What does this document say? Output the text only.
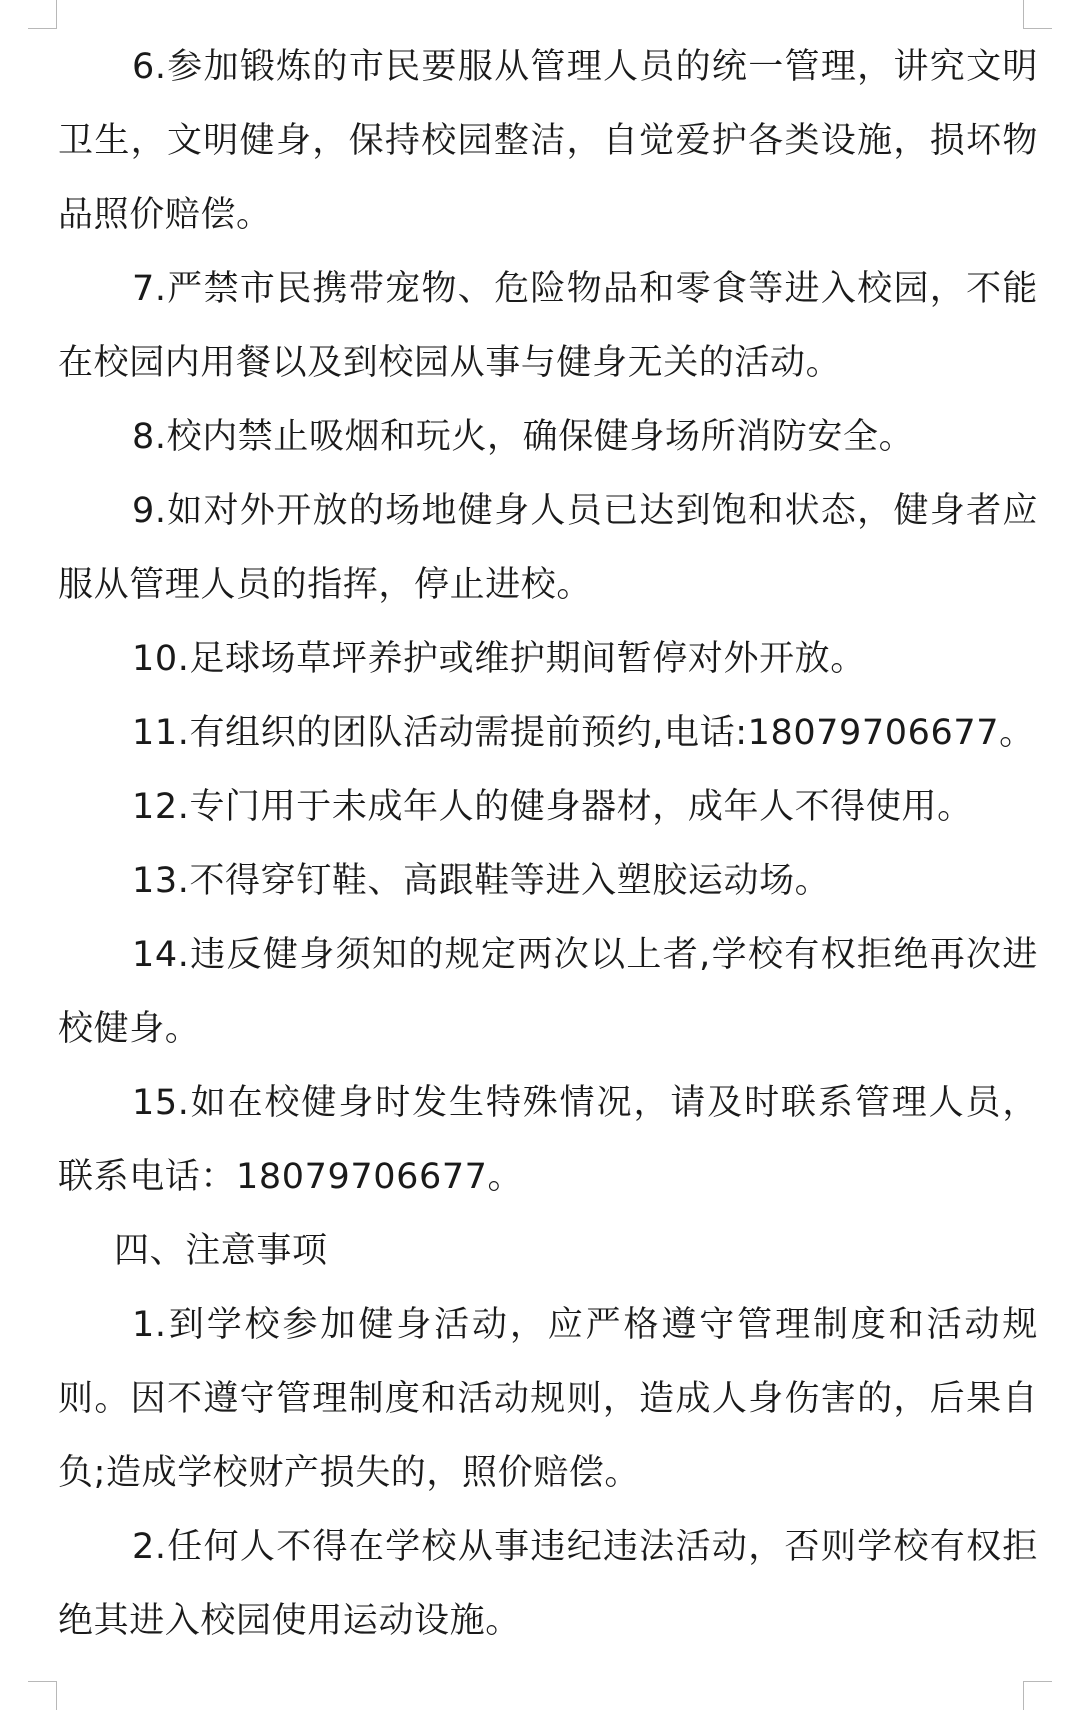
6.参加锻炼的市民要服从管理人员的统一管理，讲究文明卫生，文明健身，保持校园整洁，自觉爱护各类设施，损坏物品照价赔偿。

7.严禁市民携带宠物、危险物品和零食等进入校园，不能在校园内用餐以及到校园从事与健身无关的活动。

8.校内禁止吸烟和玩火，确保健身场所消防安全。

9.如对外开放的场地健身人员已达到饱和状态，健身者应服从管理人员的指挥，停止进校。

10.足球场草坪养护或维护期间暂停对外开放。

11.有组织的团队活动需提前预约,电话:18079706677。

12.专门用于未成年人的健身器材，成年人不得使用。

13.不得穿钉鞋、高跟鞋等进入塑胶运动场。

14.违反健身须知的规定两次以上者,学校有权拒绝再次进校健身。

15.如在校健身时发生特殊情况，请及时联系管理人员，联系电话：18079706677。

四、注意事项

1.到学校参加健身活动，应严格遵守管理制度和活动规则。因不遵守管理制度和活动规则，造成人身伤害的，后果自负;造成学校财产损失的，照价赔偿。

2.任何人不得在学校从事违纪违法活动，否则学校有权拒绝其进入校园使用运动设施。
